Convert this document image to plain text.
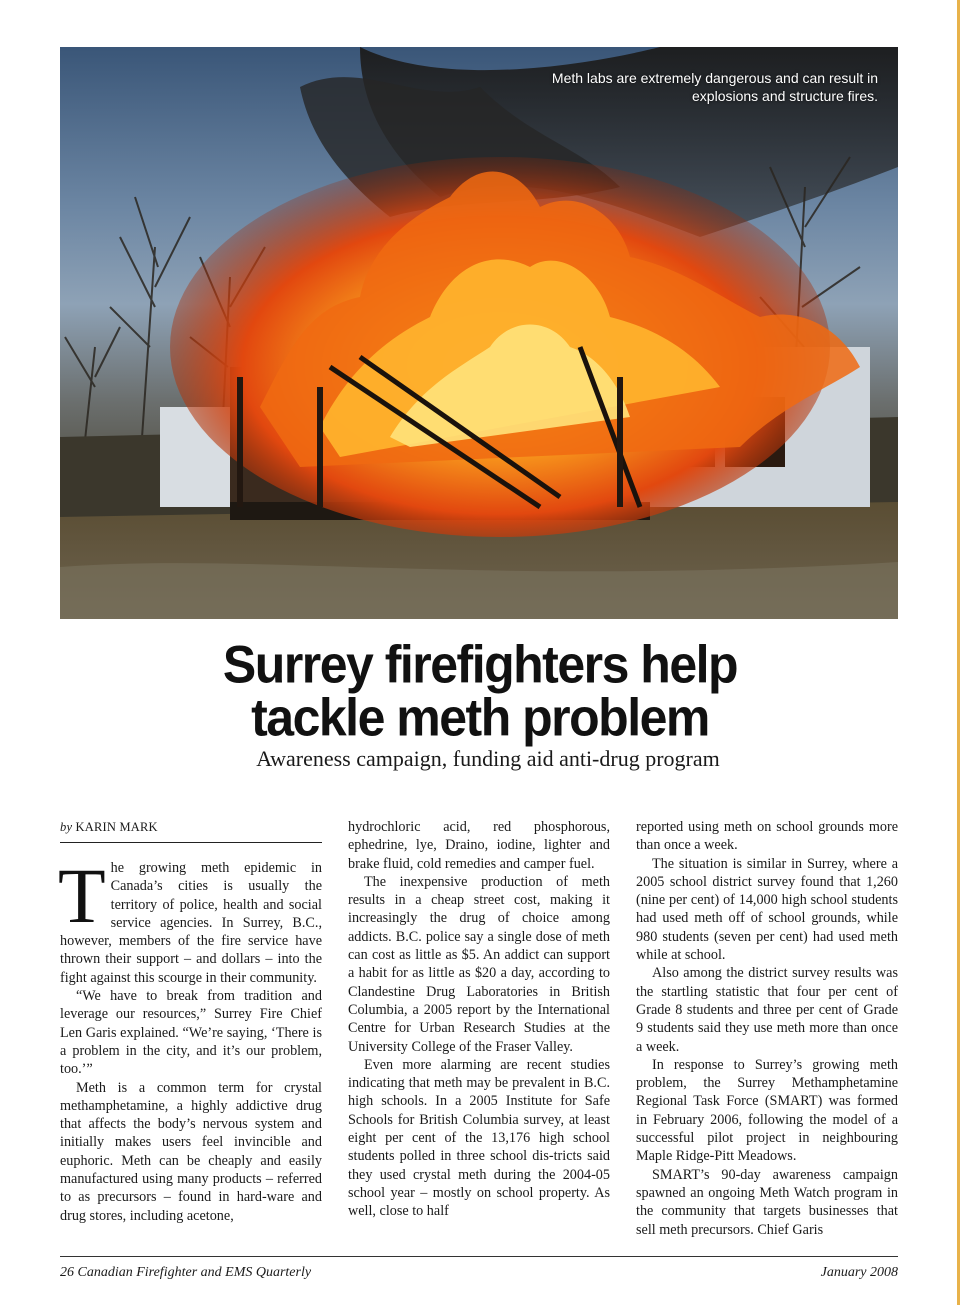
Meth labs are extremely dangerous and can result in explosions and structure fires.
Surrey firefighters help
tackle meth problem
Awareness campaign, funding aid anti-drug program
by KARIN MARK

The growing meth epidemic in Canada’s cities is usually the territory of police, health and social service agencies. In Surrey, B.C., however, members of the fire service have thrown their support – and dollars – into the fight against this scourge in their community.

“We have to break from tradition and leverage our resources,” Surrey Fire Chief Len Garis explained. “We’re saying, ‘There is a problem in the city, and it’s our problem, too.’”

Meth is a common term for crystal methamphetamine, a highly addictive drug that affects the body’s nervous system and initially makes users feel invincible and euphoric. Meth can be cheaply and easily manufactured using many products – referred to as precursors – found in hard-ware and drug stores, including acetone,

hydrochloric acid, red phosphorous, ephedrine, lye, Draino, iodine, lighter and brake fluid, cold remedies and camper fuel.

The inexpensive production of meth results in a cheap street cost, making it increasingly the drug of choice among addicts. B.C. police say a single dose of meth can cost as little as $5. An addict can support a habit for as little as $20 a day, according to Clandestine Drug Laboratories in British Columbia, a 2005 report by the International Centre for Urban Research Studies at the University College of the Fraser Valley.

Even more alarming are recent studies indicating that meth may be prevalent in B.C. high schools. In a 2005 Institute for Safe Schools for British Columbia survey, at least eight per cent of the 13,176 high school students polled in three school dis-tricts said they used crystal meth during the 2004-05 school year – mostly on school property. As well, close to half

reported using meth on school grounds more than once a week.

The situation is similar in Surrey, where a 2005 school district survey found that 1,260 (nine per cent) of 14,000 high school students had used meth off of school grounds, while 980 students (seven per cent) had used meth while at school.

Also among the district survey results was the startling statistic that four per cent of Grade 8 students and three per cent of Grade 9 students said they use meth more than once a week.

In response to Surrey’s growing meth problem, the Surrey Methamphetamine Regional Task Force (SMART) was formed in February 2006, following the model of a successful pilot project in neighbouring Maple Ridge-Pitt Meadows.

SMART’s 90-day awareness campaign spawned an ongoing Meth Watch program in the community that targets businesses that sell meth precursors. Chief Garis

26 Canadian Firefighter and EMS Quarterly	January 2008
